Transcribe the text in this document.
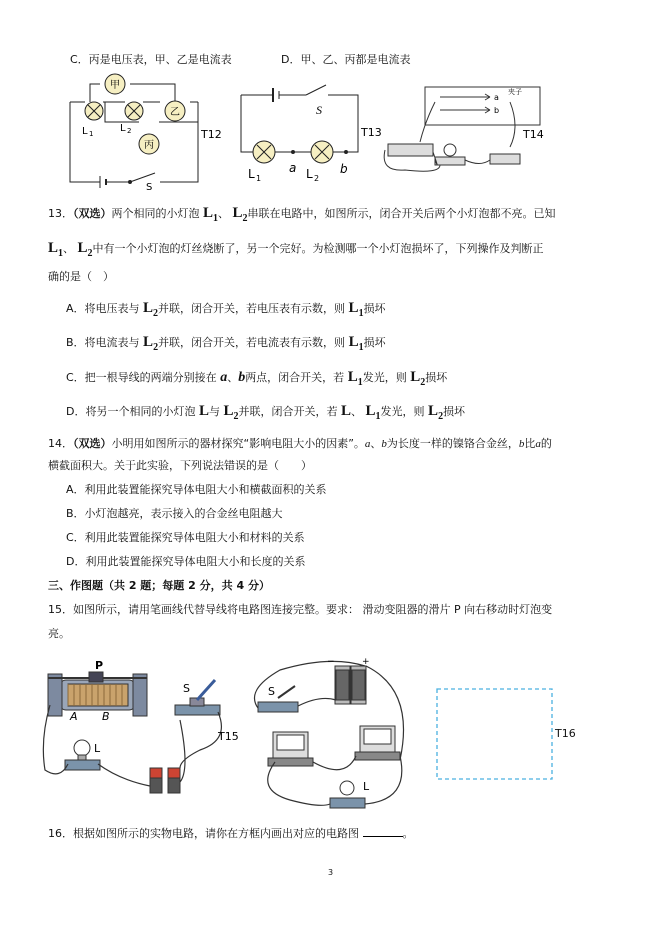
C．丙是电压表，甲、乙是电流表	D．甲、乙、丙都是电流表
甲
乙
丙
L 1	L 2
S
T12
S
a	b
L 1	L 2
T13
a
b
夹子
T14
13．（双选）两个相同的小灯泡 $L_1$、 $L_2$串联在电路中，如图所示，闭合开关后两个小灯泡都不亮。已知
$L_1$、 $L_2$中有一个小灯泡的灯丝烧断了，另一个完好。为检测哪一个小灯泡损坏了，下列操作及判断正
确的是（　）
A．将电压表与 $L_2$并联，闭合开关，若电压表有示数，则 $L_1$损坏
B．将电流表与 $L_2$并联，闭合开关，若电流表有示数，则 $L_1$损坏
C．把一根导线的两端分别接在 a、b两点，闭合开关，若 $L_1$发光，则 $L_2$损坏
D．将另一个相同的小灯泡 L与 $L_2$并联，闭合开关，若 L、 $L_1$发光，则 $L_2$损坏
14．（双选）小明用如图所示的器材探究“影响电阻大小的因素”。a、b为长度一样的镍铬合金丝，b比a的
横截面积大。关于此实验，下列说法错误的是（　　）
A．利用此装置能探究导体电阻大小和横截面积的关系
B．小灯泡越亮，表示接入的合金丝电阻越大
C．利用此装置能探究导体电阻大小和材料的关系
D．利用此装置能探究导体电阻大小和长度的关系
三、作图题（共 2 题；每题 2 分，共 4 分）
15．如图所示，请用笔画线代替导线将电路图连接完整。要求： 滑动变阻器的滑片 P 向右移动时灯泡变
亮。
P
A B
S
L
T15
S
L
−	+
T16
16．根据如图所示的实物电路，请你在方框内画出对应的电路图	。
3
